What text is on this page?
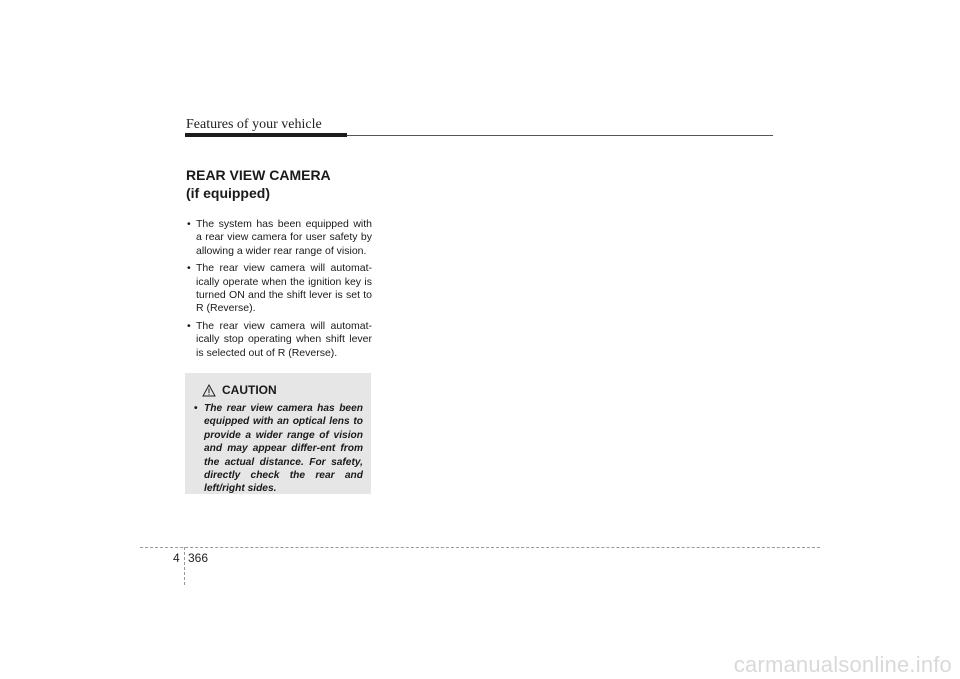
Features of your vehicle
REAR VIEW CAMERA
(if equipped)
• The system has been equipped with a rear view camera for user safety by allowing a wider rear range of vision.
• The rear view camera will automat-ically operate when the ignition key is turned ON and the shift lever is set to R (Reverse).
• The rear view camera will automat-ically stop operating when shift lever is selected out of R (Reverse).
CAUTION
• The rear view camera has been equipped with an optical lens to provide a wider range of vision and may appear differ-ent from the actual distance. For safety, directly check the rear and left/right sides.
4 366
carmanualsonline.info
